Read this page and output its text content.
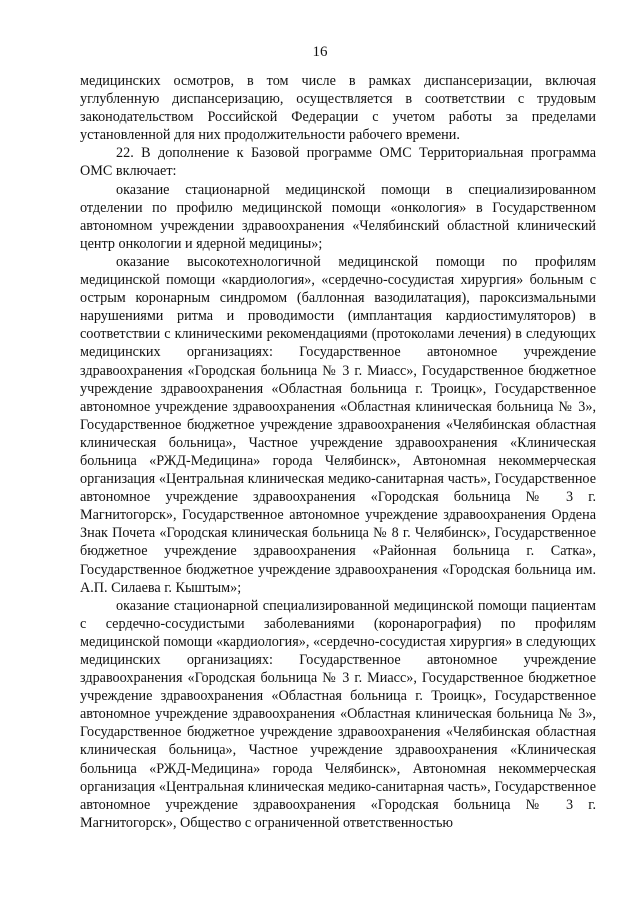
16

медицинских осмотров, в том числе в рамках диспансеризации, включая углубленную диспансеризацию, осуществляется в соответствии с трудовым законодательством Российской Федерации с учетом работы за пределами установленной для них продолжительности рабочего времени.

22. В дополнение к Базовой программе ОМС Территориальная программа ОМС включает:

оказание стационарной медицинской помощи в специализированном отделении по профилю медицинской помощи «онкология» в Государственном автономном учреждении здравоохранения «Челябинский областной клинический центр онкологии и ядерной медицины»;

оказание высокотехнологичной медицинской помощи по профилям медицинской помощи «кардиология», «сердечно-сосудистая хирургия» больным с острым коронарным синдромом (баллонная вазодилатация), пароксизмальными нарушениями ритма и проводимости (имплантация кардиостимуляторов) в соответствии с клиническими рекомендациями (протоколами лечения) в следующих медицинских организациях: Государственное автономное учреждение здравоохранения «Городская больница № 3 г. Миасс», Государственное бюджетное учреждение здравоохранения «Областная больница г. Троицк», Государственное автономное учреждение здравоохранения «Областная клиническая больница № 3», Государственное бюджетное учреждение здравоохранения «Челябинская областная клиническая больница», Частное учреждение здравоохранения «Клиническая больница «РЖД-Медицина» города Челябинск», Автономная некоммерческая организация «Центральная клиническая медико-санитарная часть», Государственное автономное учреждение здравоохранения «Городская больница № 3 г. Магнитогорск», Государственное автономное учреждение здравоохранения Ордена Знак Почета «Городская клиническая больница № 8 г. Челябинск», Государственное бюджетное учреждение здравоохранения «Районная больница г. Сатка», Государственное бюджетное учреждение здравоохранения «Городская больница им. А.П. Силаева г. Кыштым»;

оказание стационарной специализированной медицинской помощи пациентам с сердечно-сосудистыми заболеваниями (коронарография) по профилям медицинской помощи «кардиология», «сердечно-сосудистая хирургия» в следующих медицинских организациях: Государственное автономное учреждение здравоохранения «Городская больница № 3 г. Миасс», Государственное бюджетное учреждение здравоохранения «Областная больница г. Троицк», Государственное автономное учреждение здравоохранения «Областная клиническая больница № 3», Государственное бюджетное учреждение здравоохранения «Челябинская областная клиническая больница», Частное учреждение здравоохранения «Клиническая больница «РЖД-Медицина» города Челябинск», Автономная некоммерческая организация «Центральная клиническая медико-санитарная часть», Государственное автономное учреждение здравоохранения «Городская больница № 3 г. Магнитогорск», Общество с ограниченной ответственностью
